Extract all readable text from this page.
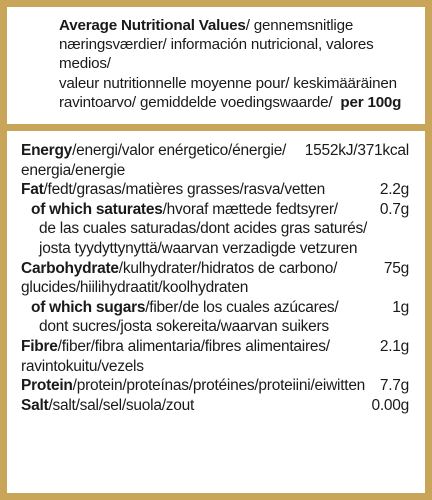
Average Nutritional Values/ gennemsnitlige
næringsværdier/ información nutricional, valores medios/
valeur nutritionnelle moyenne pour/ keskimääräinen
ravintoarvo/ gemiddelde voedingswaarde/ per 100g
Energy/energi/valor enérgetico/énergie/ 1552kJ/371kcal
energia/energie
Fat/fedt/grasas/matières grasses/rasva/vetten	2.2g
of which saturates/hvoraf mættede fedtsyrer/	0.7g
de las cuales saturadas/dont acides gras saturés/
josta tyydyttynyttä/waarvan verzadigde vetzuren
Carbohydrate/kulhydrater/hidratos de carbono/	75g
glucides/hiilihydraatit/koolhydraten
of which sugars/fiber/de los cuales azúcares/	1g
dont sucres/josta sokereita/waarvan suikers
Fibre/fiber/fibra alimentaria/fibres alimentaires/	2.1g
ravintokuitu/vezels
Protein/protein/proteínas/protéines/proteiini/eiwitten 7.7g
Salt/salt/sal/sel/suola/zout	0.00g
